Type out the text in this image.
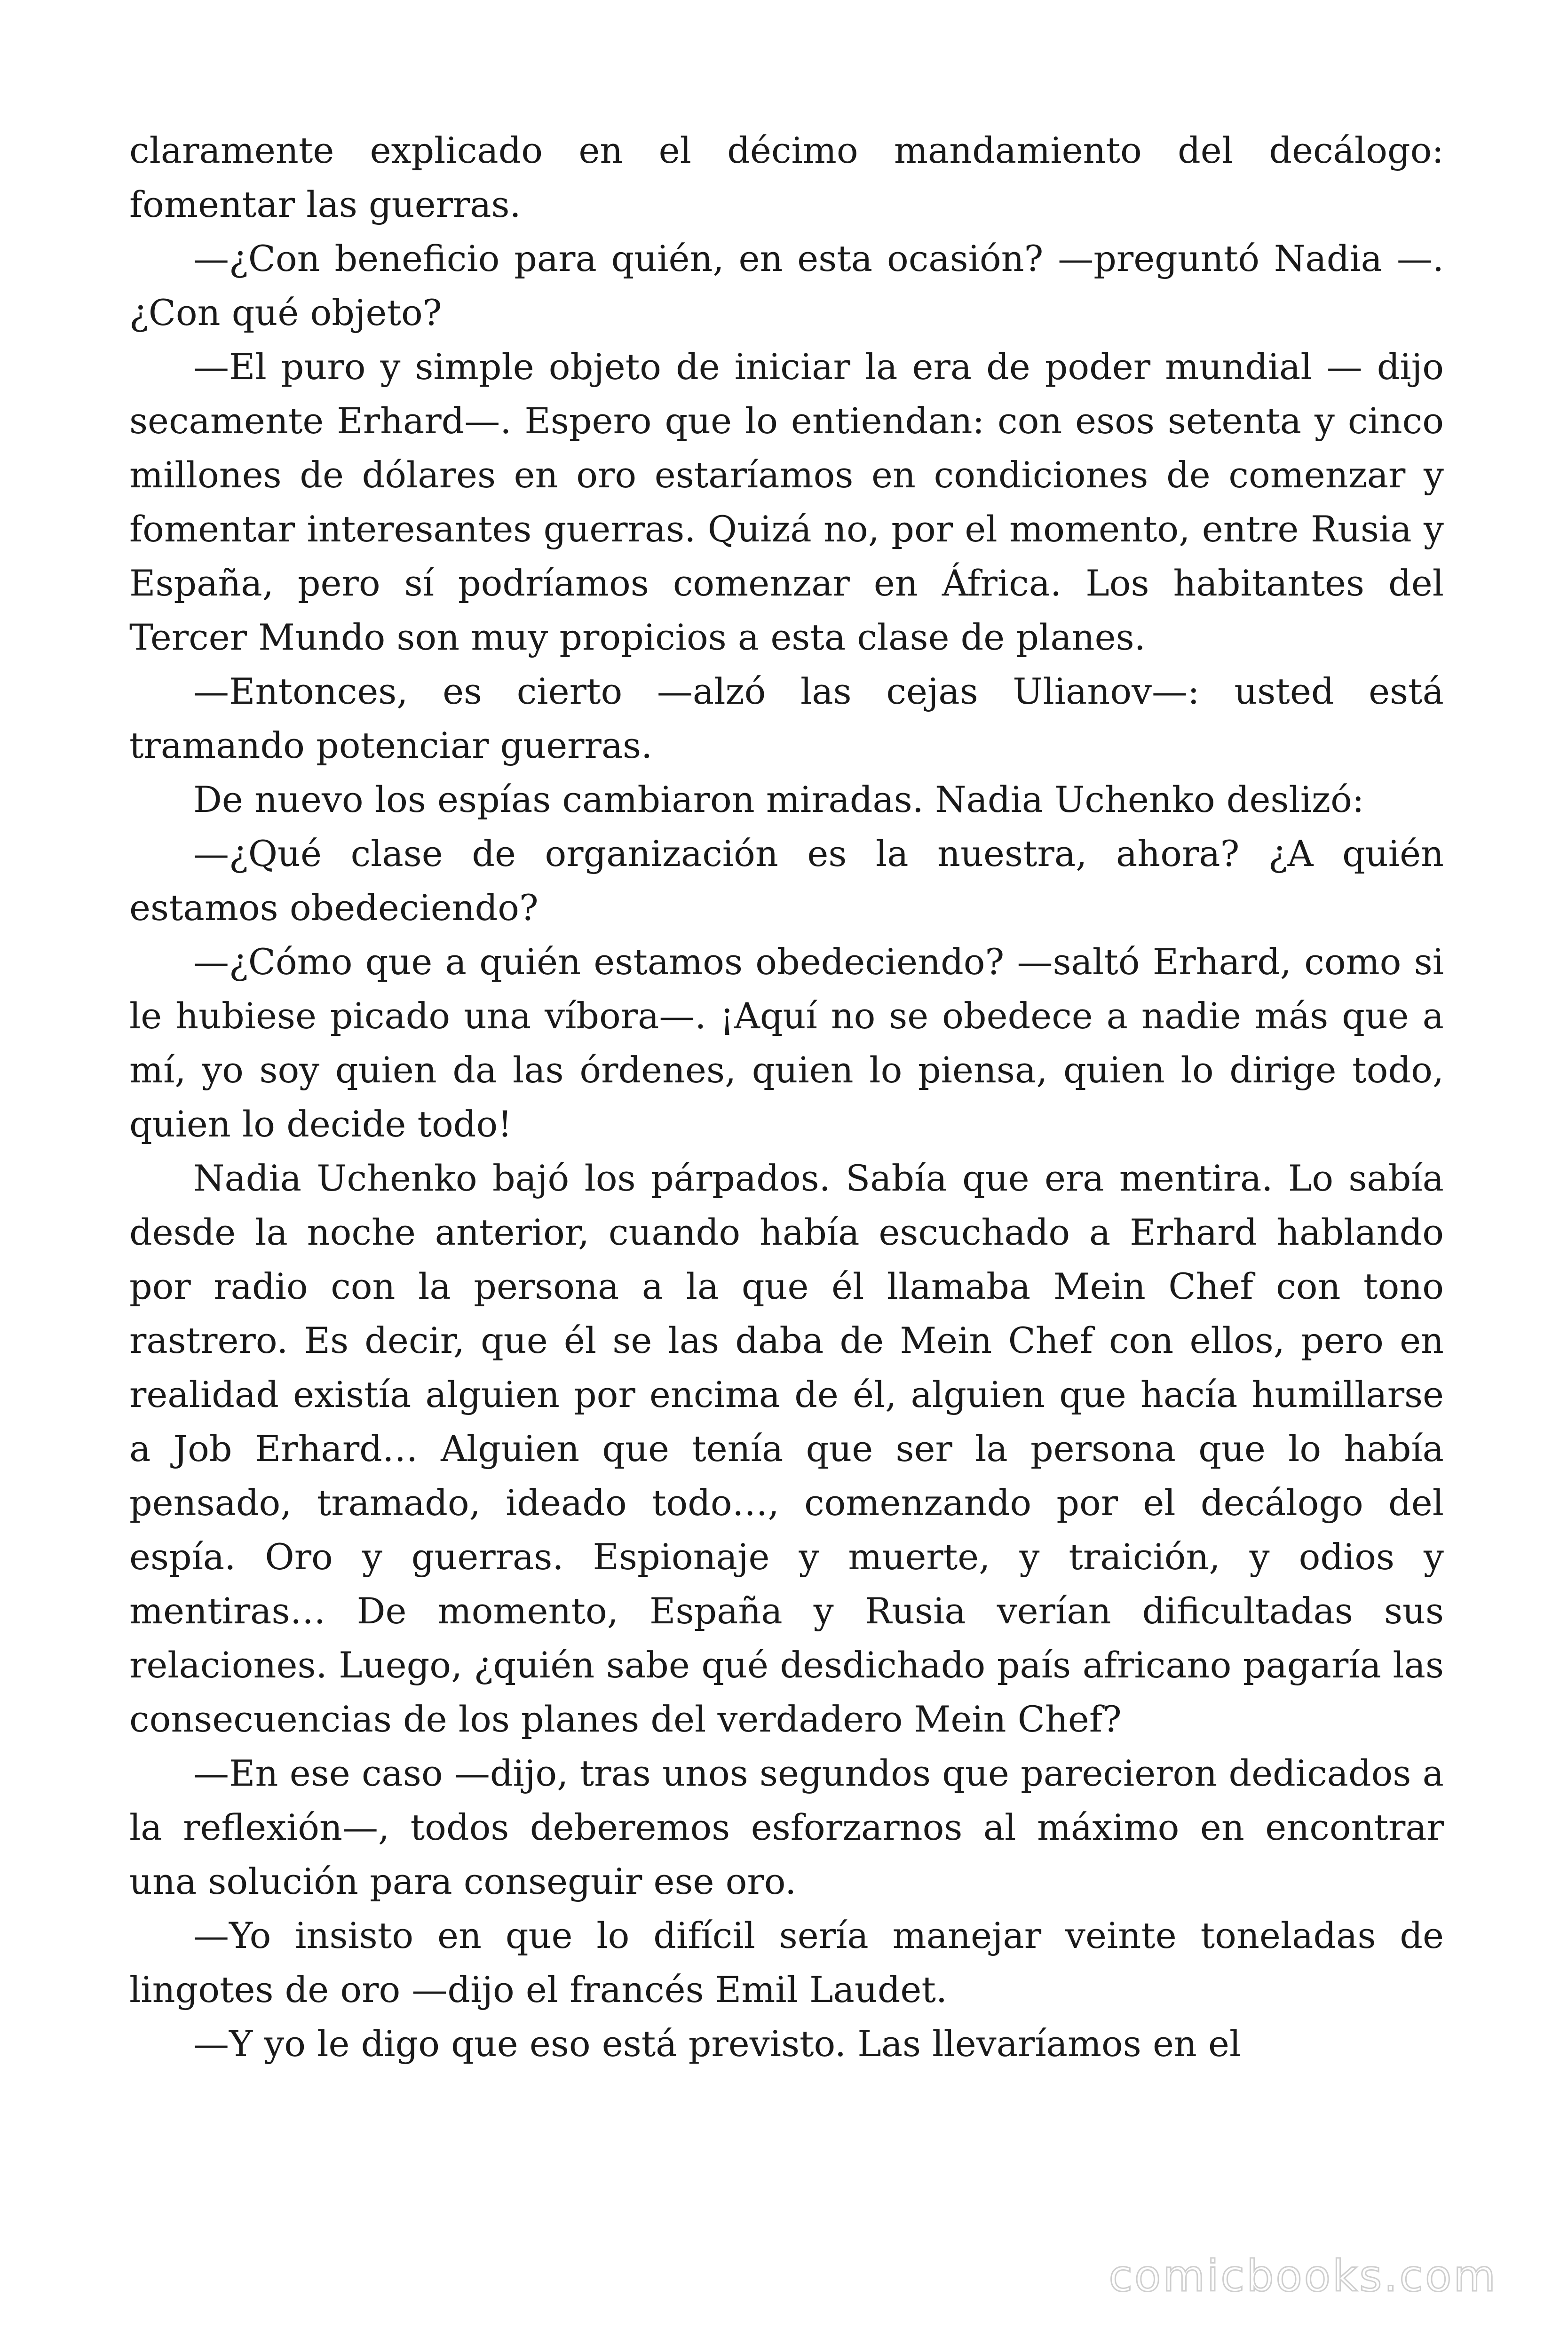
claramente explicado en el décimo mandamiento del decálogo: fomentar las guerras.

—¿Con beneficio para quién, en esta ocasión? —preguntó Nadia —. ¿Con qué objeto?

—El puro y simple objeto de iniciar la era de poder mundial — dijo secamente Erhard—. Espero que lo entiendan: con esos setenta y cinco millones de dólares en oro estaríamos en condiciones de comenzar y fomentar interesantes guerras. Quizá no, por el momento, entre Rusia y España, pero sí podríamos comenzar en África. Los habitantes del Tercer Mundo son muy propicios a esta clase de planes.

—Entonces, es cierto —alzó las cejas Ulianov—: usted está tramando potenciar guerras.

De nuevo los espías cambiaron miradas. Nadia Uchenko deslizó:

—¿Qué clase de organización es la nuestra, ahora? ¿A quién estamos obedeciendo?

—¿Cómo que a quién estamos obedeciendo? —saltó Erhard, como si le hubiese picado una víbora—. ¡Aquí no se obedece a nadie más que a mí, yo soy quien da las órdenes, quien lo piensa, quien lo dirige todo, quien lo decide todo!

Nadia Uchenko bajó los párpados. Sabía que era mentira. Lo sabía desde la noche anterior, cuando había escuchado a Erhard hablando por radio con la persona a la que él llamaba Mein Chef con tono rastrero. Es decir, que él se las daba de Mein Chef con ellos, pero en realidad existía alguien por encima de él, alguien que hacía humillarse a Job Erhard… Alguien que tenía que ser la persona que lo había pensado, tramado, ideado todo…, comenzando por el decálogo del espía. Oro y guerras. Espionaje y muerte, y traición, y odios y mentiras… De momento, España y Rusia verían dificultadas sus relaciones. Luego, ¿quién sabe qué desdichado país africano pagaría las consecuencias de los planes del verdadero Mein Chef?

—En ese caso —dijo, tras unos segundos que parecieron dedicados a la reflexión—, todos deberemos esforzarnos al máximo en encontrar una solución para conseguir ese oro.

—Yo insisto en que lo difícil sería manejar veinte toneladas de lingotes de oro —dijo el francés Emil Laudet.

—Y yo le digo que eso está previsto. Las llevaríamos en el

comicbooks.com
